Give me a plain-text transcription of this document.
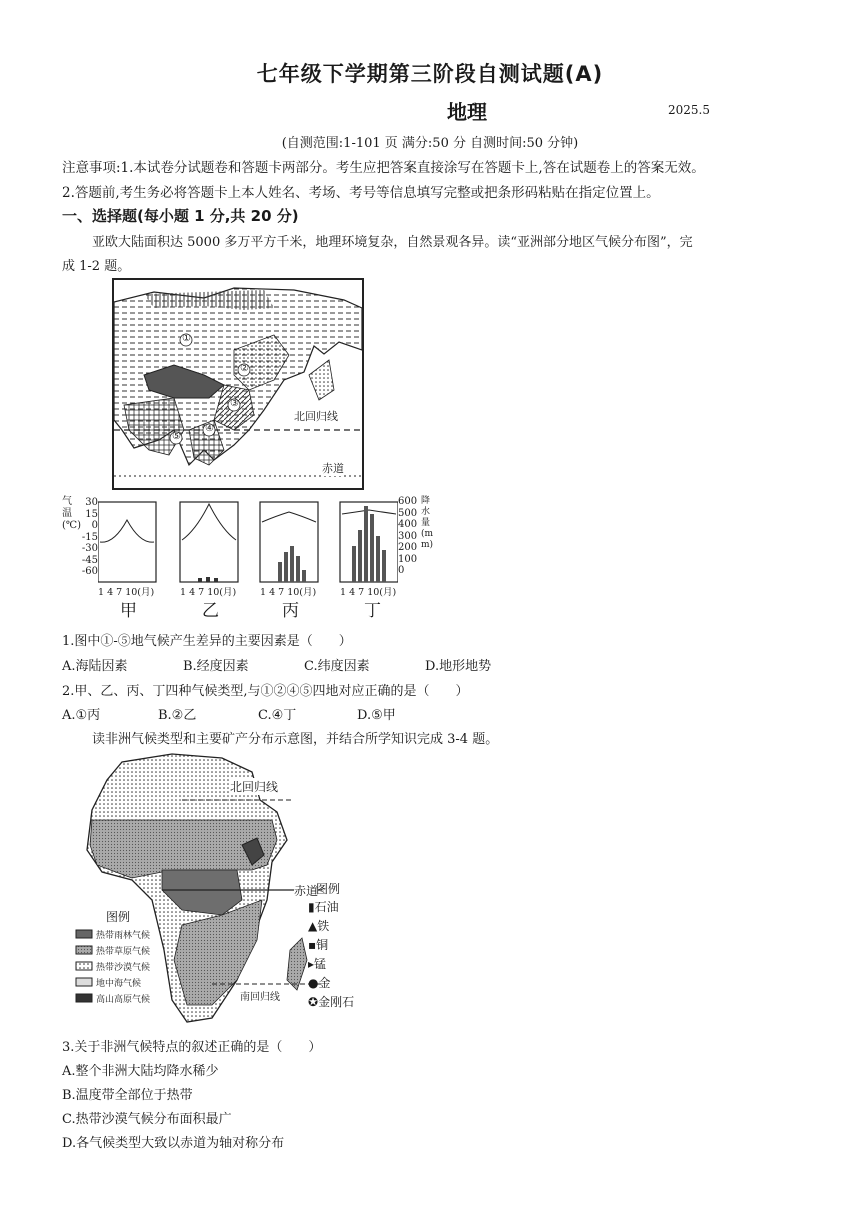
七年级下学期第三阶段自测试题(A)
地理	2025.5
(自测范围:1-101 页 满分:50 分 自测时间:50 分钟)
注意事项:1.本试卷分试题卷和答题卡两部分。考生应把答案直接涂写在答题卡上,答在试题卷上的答案无效。
2.答题前,考生务必将答题卡上本人姓名、考场、考号等信息填写完整或把条形码粘贴在指定位置上。
一、选择题(每小题 1 分,共 20 分)
亚欧大陆面积达 5000 多万平方千米，地理环境复杂，自然景观各异。读“亚洲部分地区气候分布图”，完
成 1-2 题。
①
②
③
④
⑤
北回归线
赤道
气温(℃)
30
15
0
-15
-30
-45
-60
600
500
400
300
200
100
0
降水量(mm)
1 4 7 10(月)	1 4 7 10(月)	1 4 7 10(月)	1 4 7 10(月)
甲	乙	丙	丁
1.图中①-⑤地气候产生差异的主要因素是（　　）
A.海陆因素	B.经度因素	C.纬度因素	D.地形地势
2.甲、乙、丙、丁四种气候类型,与①②④⑤四地对应正确的是（　　）
A.①丙	B.②乙	C.④丁	D.⑤甲
读非洲气候类型和主要矿产分布示意图，并结合所学知识完成 3-4 题。
北回归线
赤道
南回归线
图例
热带雨林气候
热带草原气候
热带沙漠气候
地中海气候
高山高原气候
图例
▮石油
▲铁
▪铜
▸锰
●金
✪金刚石
3.关于非洲气候特点的叙述正确的是（　　）
A.整个非洲大陆均降水稀少
B.温度带全部位于热带
C.热带沙漠气候分布面积最广
D.各气候类型大致以赤道为轴对称分布
